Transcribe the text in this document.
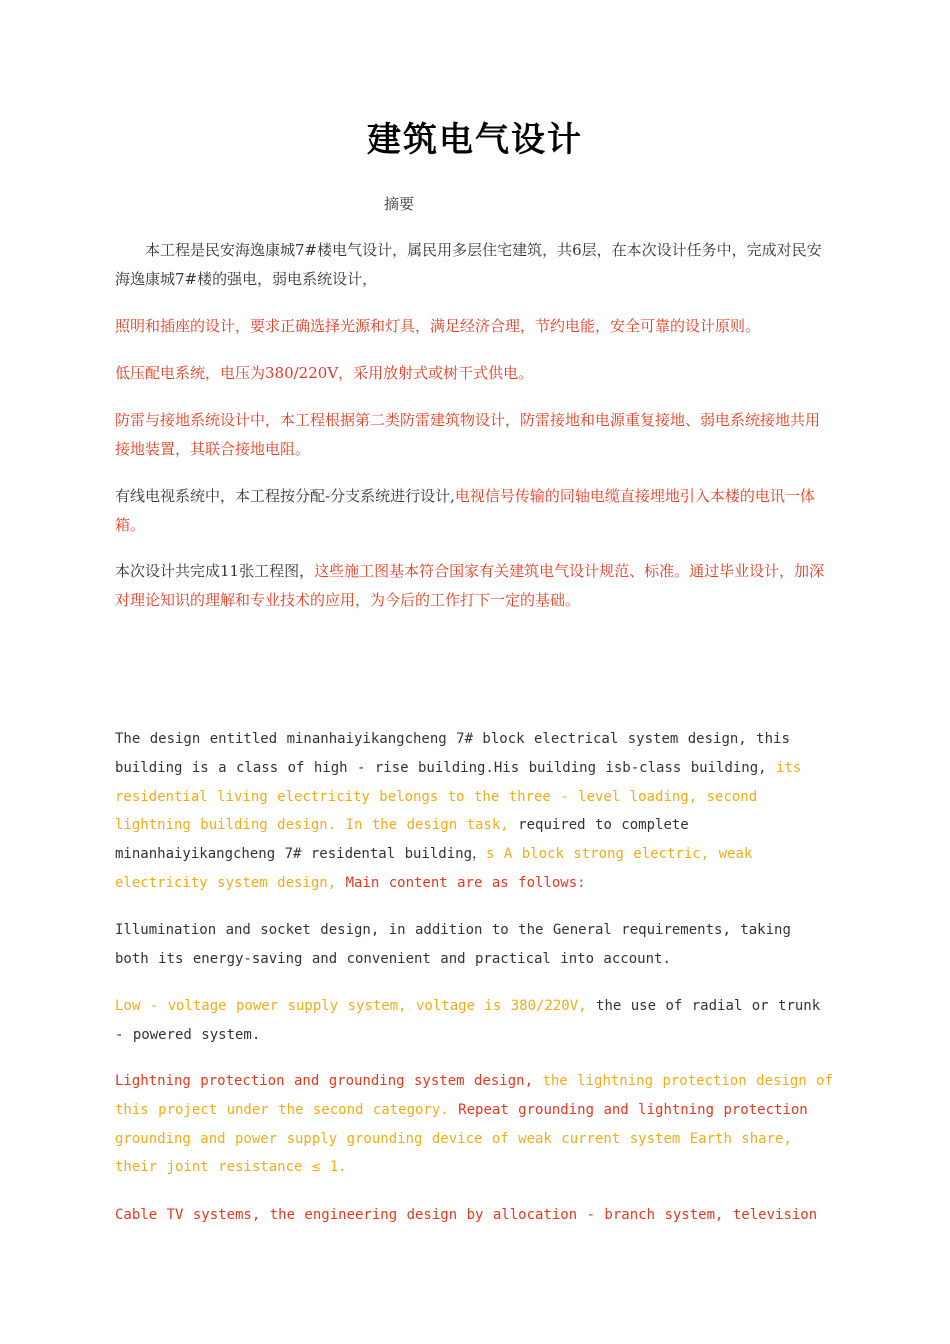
建筑电气设计
摘要

本工程是民安海逸康城7#楼电气设计，属民用多层住宅建筑，共6层，在本次设计任务中，完成对民安海逸康城7#楼的强电，弱电系统设计，

照明和插座的设计，要求正确选择光源和灯具，满足经济合理，节约电能，安全可靠的设计原则。

低压配电系统，电压为380/220V，采用放射式或树干式供电。

防雷与接地系统设计中，本工程根据第二类防雷建筑物设计，防雷接地和电源重复接地、弱电系统接地共用接地装置，其联合接地电阻。

有线电视系统中，本工程按分配-分支系统进行设计,电视信号传输的同轴电缆直接埋地引入本楼的电讯一体箱。

本次设计共完成11张工程图，这些施工图基本符合国家有关建筑电气设计规范、标准。通过毕业设计，加深对理论知识的理解和专业技术的应用，为今后的工作打下一定的基础。

The design entitled minanhaiyikangcheng 7# block electrical system design, this building is a class of high - rise building.His building isb-class building, its residential living electricity belongs to the three - level loading, second lightning building design. In the design task, required to complete minanhaiyikangcheng 7# residental building，s A block strong electric, weak electricity system design, Main content are as follows:

Illumination and socket design, in addition to the General requirements, taking both its energy-saving and convenient and practical into account.

Low - voltage power supply system, voltage is 380/220V, the use of radial or trunk - powered system.

Lightning protection and grounding system design, the lightning protection design of this project under the second category. Repeat grounding and lightning protection grounding and power supply grounding device of weak current system Earth share, their joint resistance ≤ 1.

Cable TV systems, the engineering design by allocation - branch system, television
